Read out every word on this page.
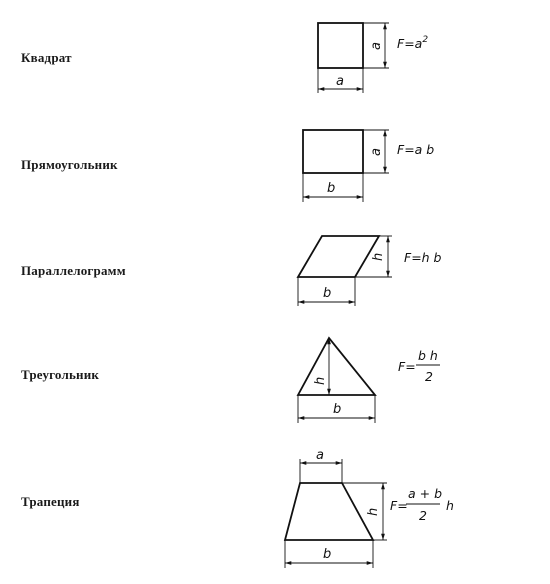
Квадрат
a
a $F=a^2$
Прямоугольник
b
a F=a b
Параллелограмм
b
h F=h b
Треугольник	h
b
F=
b h
2
Трапеция
a
b
h F=
a + b
2
h
